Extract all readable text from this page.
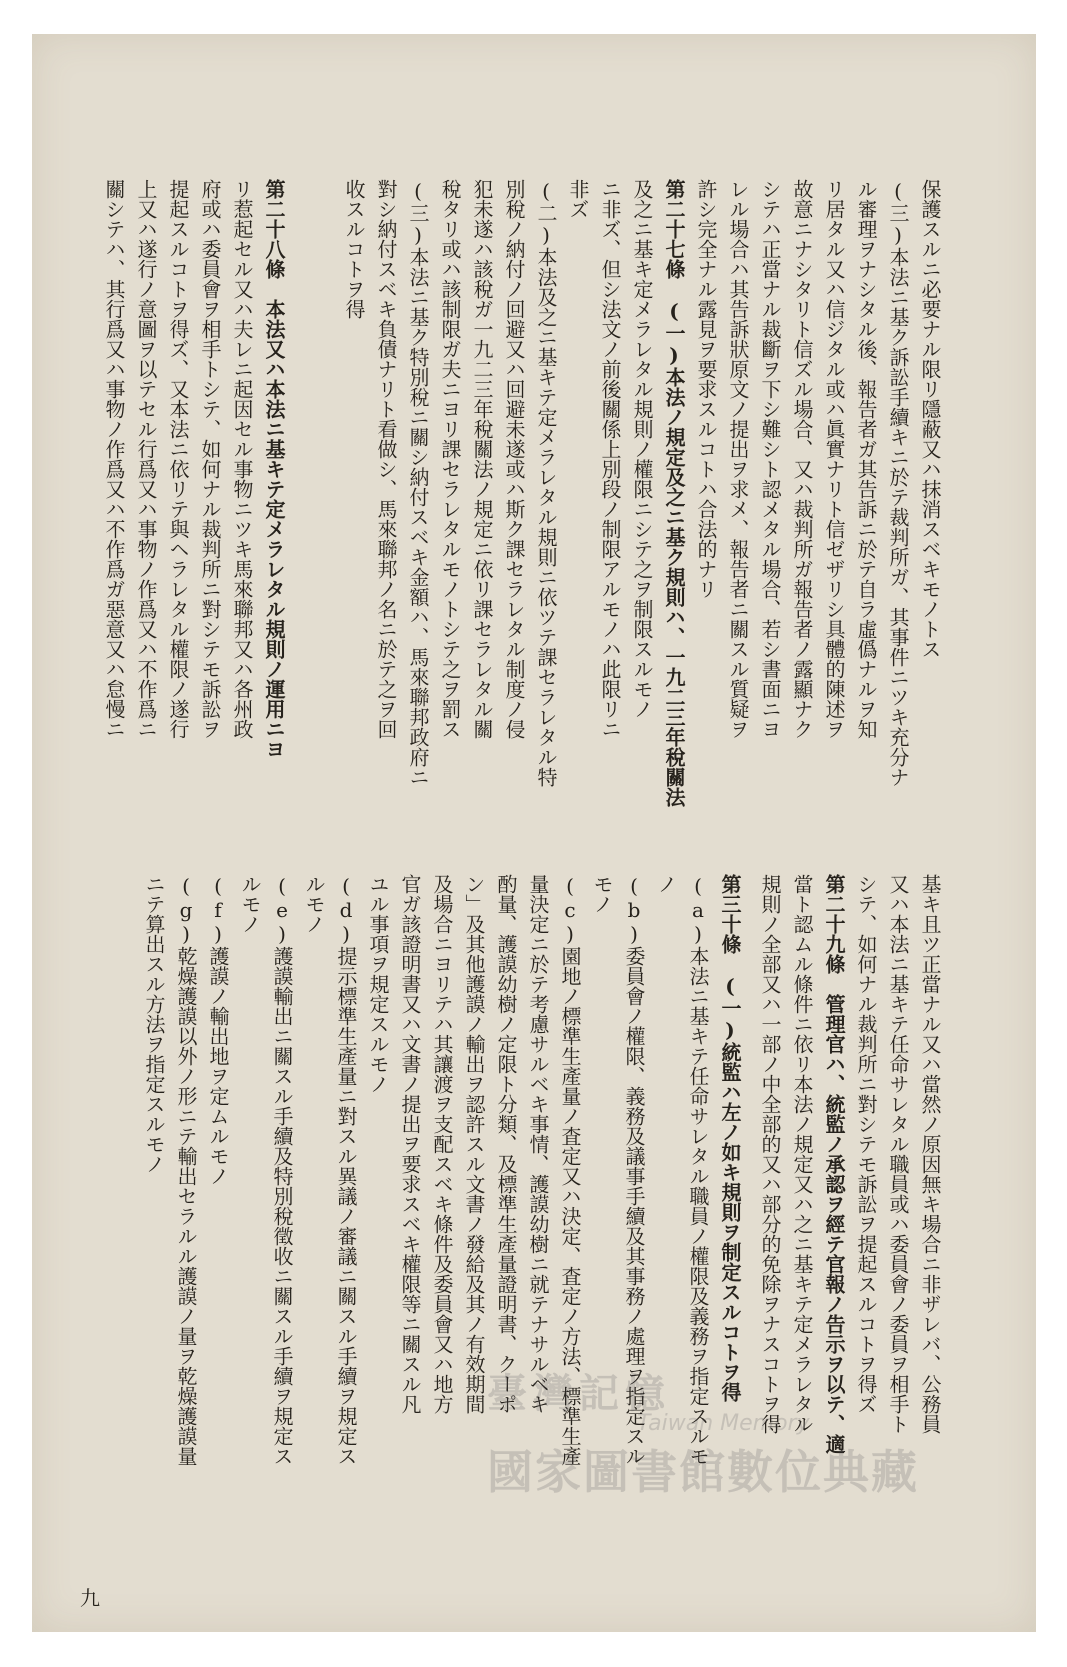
保護スルニ必要ナル限リ隱蔽又ハ抹消スベキモノトス
(三)本法ニ基ク訴訟手續キニ於テ裁判所ガ、其事件ニツキ充分ナ
ル審理ヲナシタル後、報告者ガ其告訴ニ於テ自ラ虛僞ナルヲ知
リ居タル又ハ信ジタル或ハ眞實ナリト信ゼザリシ具體的陳述ヲ
故意ニナシタリト信ズル場合、又ハ裁判所ガ報告者ノ露顯ナク
シテハ正當ナル裁斷ヲ下シ難シト認メタル場合、若シ書面ニヨ
レル場合ハ其告訴狀原文ノ提出ヲ求メ、報告者ニ關スル質疑ヲ
許シ完全ナル露見ヲ要求スルコトハ合法的ナリ
第二十七條　(一)本法ノ規定及之ニ基ク規則ハ、一九二三年稅關法
及之ニ基キ定メラレタル規則ノ權限ニシテ之ヲ制限スルモノ
ニ非ズ、但シ法文ノ前後關係上別段ノ制限アルモノハ此限リニ
非ズ
(二)本法及之ニ基キテ定メラレタル規則ニ依ツテ課セラレタル特
別稅ノ納付ノ回避又ハ回避未遂或ハ斯ク課セラレタル制度ノ侵
犯未遂ハ該稅ガ一九二三年稅關法ノ規定ニ依リ課セラレタル關
稅タリ或ハ該制限ガ夫ニヨリ課セラレタルモノトシテ之ヲ罰ス
(三)本法ニ基ク特別稅ニ關シ納付スベキ金額ハ、馬來聯邦政府ニ
對シ納付スベキ負債ナリト看做シ、馬來聯邦ノ名ニ於テ之ヲ回
收スルコトヲ得
第二十八條　本法又ハ本法ニ基キテ定メラレタル規則ノ運用ニヨ
リ惹起セル又ハ夫レニ起因セル事物ニツキ馬來聯邦又ハ各州政
府或ハ委員會ヲ相手トシテ、如何ナル裁判所ニ對シテモ訴訟ヲ
提起スルコトヲ得ズ、又本法ニ依リテ與ヘラレタル權限ノ遂行
上又ハ遂行ノ意圖ヲ以テセル行爲又ハ事物ノ作爲又ハ不作爲ニ
關シテハ、其行爲又ハ事物ノ作爲又ハ不作爲ガ惡意又ハ怠慢ニ
基キ且ツ正當ナル又ハ當然ノ原因無キ場合ニ非ザレバ、公務員
又ハ本法ニ基キテ任命サレタル職員或ハ委員會ノ委員ヲ相手ト
シテ、如何ナル裁判所ニ對シテモ訴訟ヲ提起スルコトヲ得ズ
第二十九條　管理官ハ、統監ノ承認ヲ經テ官報ノ告示ヲ以テ、適
當ト認ムル條件ニ依リ本法ノ規定又ハ之ニ基キテ定メラレタル
規則ノ全部又ハ一部ノ中全部的又ハ部分的免除ヲナスコトヲ得
第三十條　(一)統監ハ左ノ如キ規則ヲ制定スルコトヲ得
(a)本法ニ基キテ任命サレタル職員ノ權限及義務ヲ指定スルモ
ノ
(b)委員會ノ權限、義務及議事手續及其事務ノ處理ヲ指定スル
モノ
(c)園地ノ標準生產量ノ査定又ハ決定、査定ノ方法、標準生產
量決定ニ於テ考慮サルベキ事情、護謨幼樹ニ就テナサルベキ
酌量、護謨幼樹ノ定限ト分類、及標準生產量證明書、クーポ
ン」及其他護謨ノ輸出ヲ認許スル文書ノ發給及其ノ有效期間
及場合ニヨリテハ其讓渡ヲ支配スベキ條件及委員會又ハ地方
官ガ該證明書又ハ文書ノ提出ヲ要求スベキ權限等ニ關スル凡
ユル事項ヲ規定スルモノ
(d)提示標準生產量ニ對スル異議ノ審議ニ關スル手續ヲ規定ス
ルモノ
(e)護謨輸出ニ關スル手續及特別稅徵收ニ關スル手續ヲ規定ス
ルモノ
(f)護謨ノ輸出地ヲ定ムルモノ
(g)乾燥護謨以外ノ形ニテ輸出セラルル護謨ノ量ヲ乾燥護謨量
ニテ算出スル方法ヲ指定スルモノ
九
臺灣記憶
Taiwan Memory
國家圖書館數位典藏
